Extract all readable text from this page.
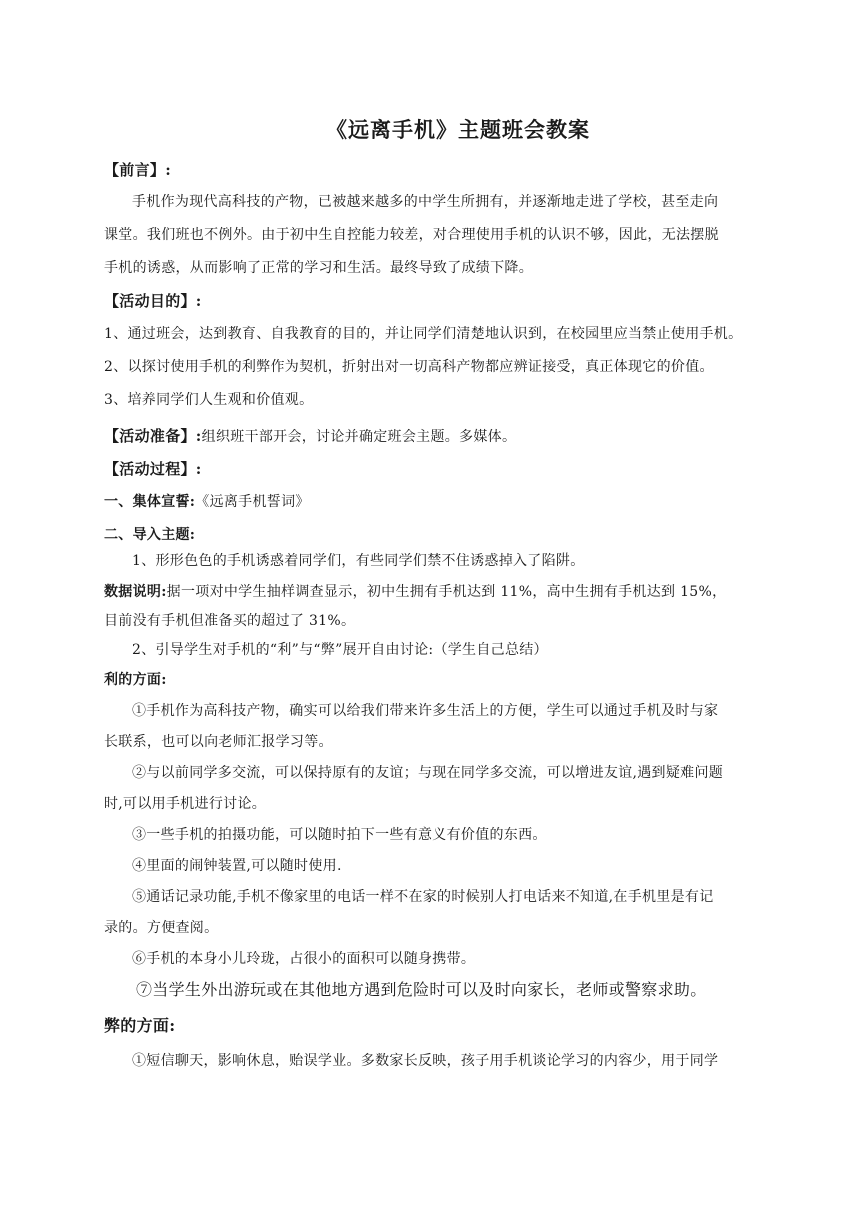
《远离手机》主题班会教案
【前言】:
手机作为现代高科技的产物，已被越来越多的中学生所拥有，并逐渐地走进了学校，甚至走向
课堂。我们班也不例外。由于初中生自控能力较差，对合理使用手机的认识不够，因此，无法摆脱
手机的诱惑，从而影响了正常的学习和生活。最终导致了成绩下降。
【活动目的】:
1、通过班会，达到教育、自我教育的目的，并让同学们清楚地认识到，在校园里应当禁止使用手机。
2、以探讨使用手机的利弊作为契机，折射出对一切高科产物都应辨证接受，真正体现它的价值。
3、培养同学们人生观和价值观。
【活动准备】:组织班干部开会，讨论并确定班会主题。多媒体。
【活动过程】:
一、集体宣誓:《远离手机誓词》
二、导入主题:
1、形形色色的手机诱惑着同学们，有些同学们禁不住诱惑掉入了陷阱。
数据说明:据一项对中学生抽样调查显示，初中生拥有手机达到 11%，高中生拥有手机达到 15%，
目前没有手机但准备买的超过了 31%。
2、引导学生对手机的“利”与“弊”展开自由讨论:（学生自己总结）
利的方面:
①手机作为高科技产物，确实可以给我们带来许多生活上的方便，学生可以通过手机及时与家
长联系，也可以向老师汇报学习等。
②与以前同学多交流，可以保持原有的友谊；与现在同学多交流，可以增进友谊,遇到疑难问题
时,可以用手机进行讨论。
③一些手机的拍摄功能，可以随时拍下一些有意义有价值的东西。
④里面的闹钟装置,可以随时使用.
⑤通话记录功能,手机不像家里的电话一样不在家的时候别人打电话来不知道,在手机里是有记
录的。方便查阅。
⑥手机的本身小儿玲珑，占很小的面积可以随身携带。
⑦当学生外出游玩或在其他地方遇到危险时可以及时向家长，老师或警察求助。
弊的方面:
①短信聊天，影响休息，贻误学业。多数家长反映，孩子用手机谈论学习的内容少，用于同学
